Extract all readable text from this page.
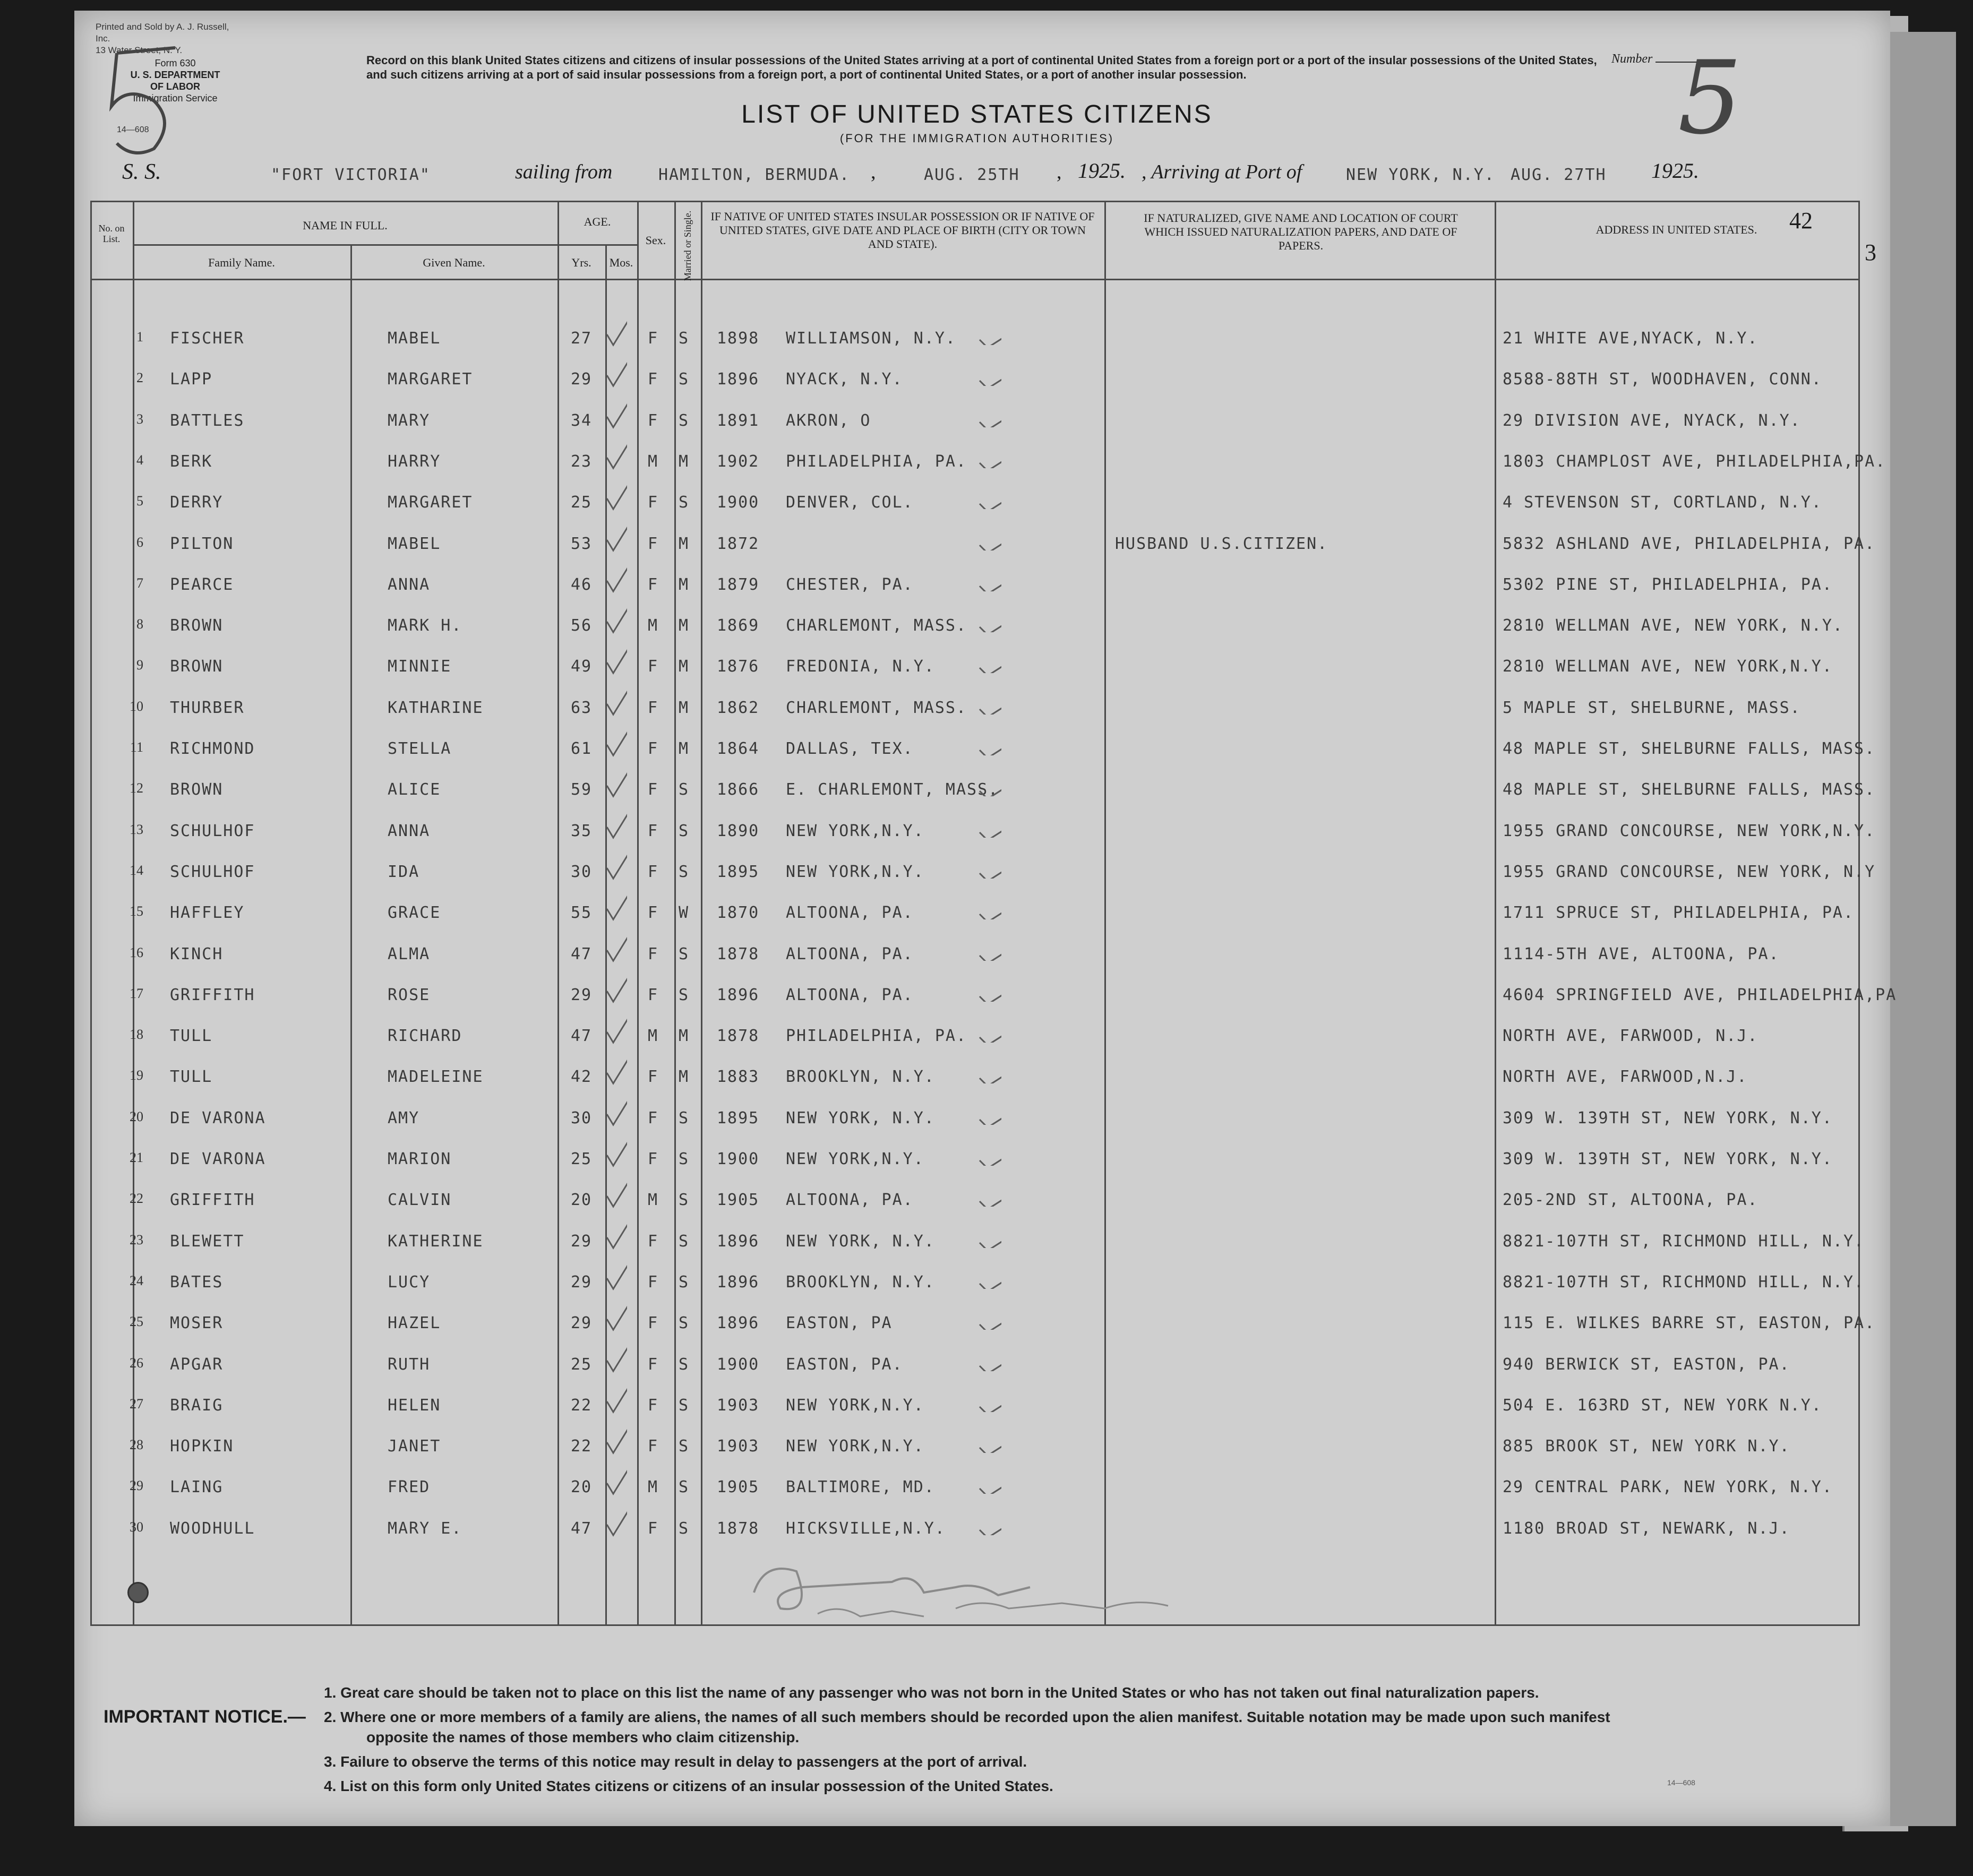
Printed and Sold by A. J. Russell, Inc.
13 Water Street, N. Y.
Form 630
U. S. DEPARTMENT OF LABOR
Immigration Service
14—608
Record on this blank United States citizens and citizens of insular possessions of the United States arriving at a port of continental United States from a foreign port or a port of the insular possessions of the United States, and such citizens arriving at a port of said insular possessions from a foreign port, a port of continental United States, or a port of another insular possession.
Number 5
LIST OF UNITED STATES CITIZENS
(FOR THE IMMIGRATION AUTHORITIES)
S. S.	"FORT VICTORIA"	sailing from	HAMILTON, BERMUDA. ,	AUG. 25TH , 1925. , Arriving at Port of	NEW YORK, N.Y. AUG. 27TH 1925.
No. on List.
NAME IN FULL.
Family Name.	Given Name.
AGE.
Yrs.	Mos.
Sex.	Married or Single.	IF NATIVE OF UNITED STATES INSULAR POSSESSION OR IF NATIVE OF UNITED STATES, GIVE DATE AND PLACE OF BIRTH (CITY OR TOWN AND STATE).
IF NATURALIZED, GIVE NAME AND LOCATION OF COURT WHICH ISSUED NATURALIZATION PAPERS, AND DATE OF PAPERS.
ADDRESS IN UNITED STATES.	42
3
1 FISCHER	MABEL	27	F S 1898 WILLIAMSON, N.Y.	21 WHITE AVE,NYACK, N.Y.
2 LAPP	MARGARET	29	F S 1896 NYACK, N.Y.	8588-88TH ST, WOODHAVEN, CONN.
3 BATTLES	MARY	34	F S 1891 AKRON, O	29 DIVISION AVE, NYACK, N.Y.
4 BERK	HARRY	23	M M 1902 PHILADELPHIA, PA.	1803 CHAMPLOST AVE, PHILADELPHIA,PA.
5 DERRY	MARGARET	25	F S 1900 DENVER, COL.	4 STEVENSON ST, CORTLAND, N.Y.
6 PILTON	MABEL	53	F M 1872	HUSBAND U.S.CITIZEN.	5832 ASHLAND AVE, PHILADELPHIA, PA.
7 PEARCE	ANNA	46	F M 1879 CHESTER, PA.	5302 PINE ST, PHILADELPHIA, PA.
8 BROWN	MARK H.	56	M M 1869 CHARLEMONT, MASS.	2810 WELLMAN AVE, NEW YORK, N.Y.
9 BROWN	MINNIE	49	F M 1876 FREDONIA, N.Y.	2810 WELLMAN AVE, NEW YORK,N.Y.
10 THURBER	KATHARINE	63	F M 1862 CHARLEMONT, MASS.	5 MAPLE ST, SHELBURNE, MASS.
11 RICHMOND	STELLA	61	F M 1864 DALLAS, TEX.	48 MAPLE ST, SHELBURNE FALLS, MASS.
12 BROWN	ALICE	59	F S 1866 E. CHARLEMONT, MASS.	48 MAPLE ST, SHELBURNE FALLS, MASS.
13 SCHULHOF	ANNA	35	F S 1890 NEW YORK,N.Y.	1955 GRAND CONCOURSE, NEW YORK,N.Y.
14 SCHULHOF	IDA	30	F S 1895 NEW YORK,N.Y.	1955 GRAND CONCOURSE, NEW YORK, N.Y
15 HAFFLEY	GRACE	55	F W 1870 ALTOONA, PA.	1711 SPRUCE ST, PHILADELPHIA, PA.
16 KINCH	ALMA	47	F S 1878 ALTOONA, PA.	1114-5TH AVE, ALTOONA, PA.
17 GRIFFITH	ROSE	29	F S 1896 ALTOONA, PA.	4604 SPRINGFIELD AVE, PHILADELPHIA,PA
18 TULL	RICHARD	47	M M 1878 PHILADELPHIA, PA.	NORTH AVE, FARWOOD, N.J.
19 TULL	MADELEINE	42	F M 1883 BROOKLYN, N.Y.	NORTH AVE, FARWOOD,N.J.
20 DE VARONA	AMY	30	F S 1895 NEW YORK, N.Y.	309 W. 139TH ST, NEW YORK, N.Y.
21 DE VARONA	MARION	25	F S 1900 NEW YORK,N.Y.	309 W. 139TH ST, NEW YORK, N.Y.
22 GRIFFITH	CALVIN	20	M S 1905 ALTOONA, PA.	205-2ND ST, ALTOONA, PA.
23 BLEWETT	KATHERINE	29	F S 1896 NEW YORK, N.Y.	8821-107TH ST, RICHMOND HILL, N.Y.
24 BATES	LUCY	29	F S 1896 BROOKLYN, N.Y.	8821-107TH ST, RICHMOND HILL, N.Y.
25 MOSER	HAZEL	29	F S 1896 EASTON, PA	115 E. WILKES BARRE ST, EASTON, PA.
26 APGAR	RUTH	25	F S 1900 EASTON, PA.	940 BERWICK ST, EASTON, PA.
27 BRAIG	HELEN	22	F S 1903 NEW YORK,N.Y.	504 E. 163RD ST, NEW YORK N.Y.
28 HOPKIN	JANET	22	F S 1903 NEW YORK,N.Y.	885 BROOK ST, NEW YORK N.Y.
29 LAING	FRED	20	M S 1905 BALTIMORE, MD.	29 CENTRAL PARK, NEW YORK, N.Y.
30 WOODHULL	MARY E.	47	F S 1878 HICKSVILLE,N.Y.	1180 BROAD ST, NEWARK, N.J.
IMPORTANT NOTICE.—
1. Great care should be taken not to place on this list the name of any passenger who was not born in the United States or who has not taken out final naturalization papers.
2. Where one or more members of a family are aliens, the names of all such members should be recorded upon the alien manifest. Suitable notation may be made upon such manifest
opposite the names of those members who claim citizenship.
3. Failure to observe the terms of this notice may result in delay to passengers at the port of arrival.
4. List on this form only United States citizens or citizens of an insular possession of the United States.	14—608
